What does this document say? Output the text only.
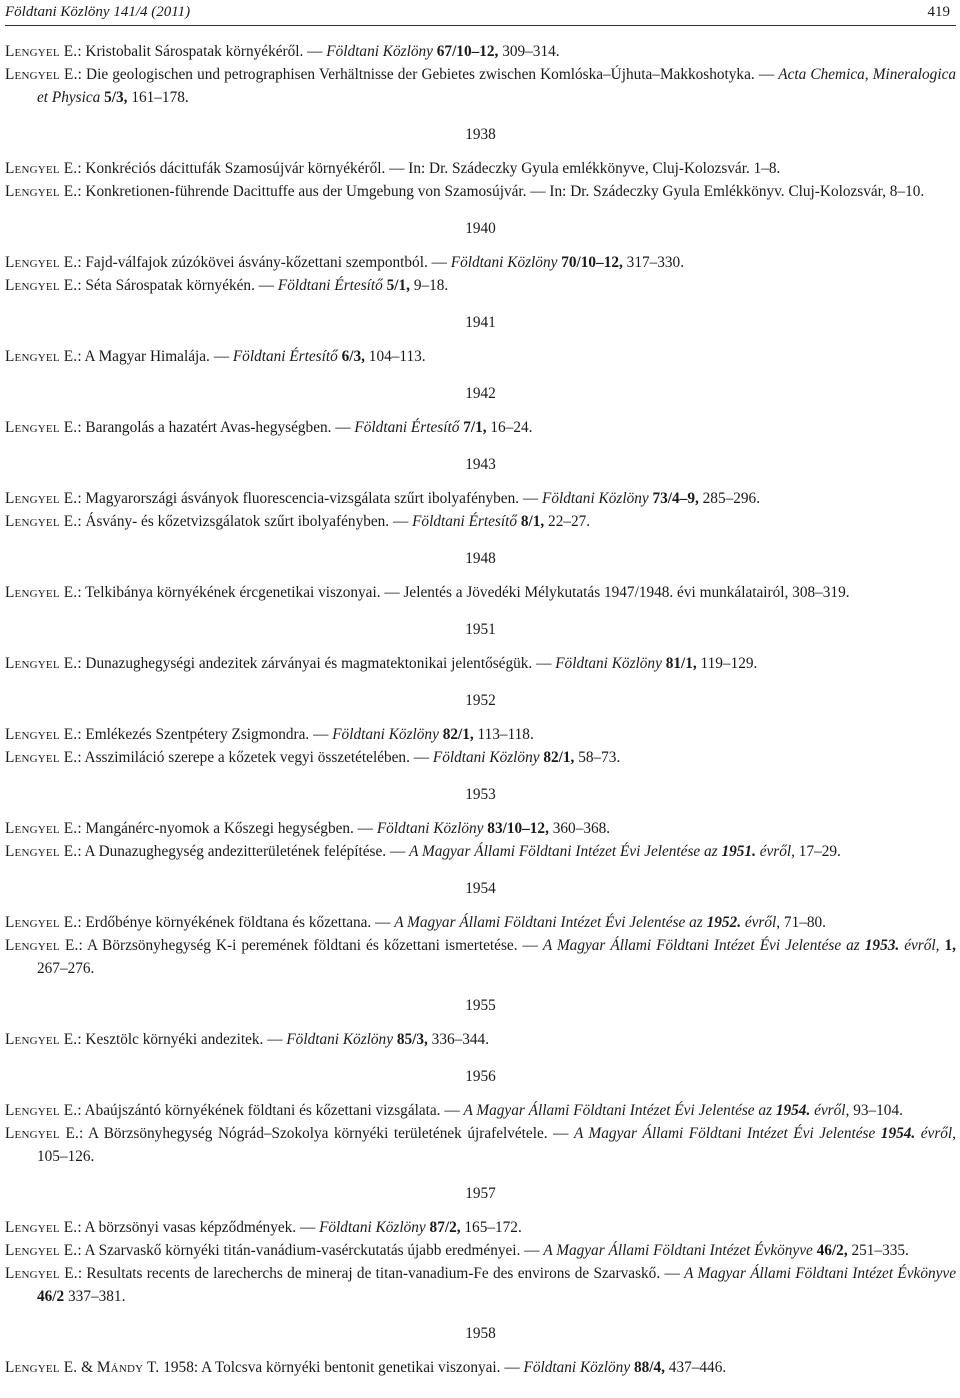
Földtani Közlöny 141/4 (2011)	419

Lengyel E.: Kristobalit Sárospatak környékéről. — Földtani Közlöny 67/10–12, 309–314.

Lengyel E.: Die geologischen und petrographisen Verhältnisse der Gebietes zwischen Komlóska–Újhuta–Makkoshotyka. — Acta Chemica, Mineralogica et Physica 5/3, 161–178.

1938

Lengyel E.: Konkréciós dácittufák Szamosújvár környékéről. — In: Dr. Szádeczky Gyula emlékkönyve, Cluj-Kolozsvár. 1–8.

Lengyel E.: Konkretionen-führende Dacittuffe aus der Umgebung von Szamosújvár. — In: Dr. Szádeczky Gyula Emlékkönyv. Cluj-Kolozsvár, 8–10.

1940

Lengyel E.: Fajd-válfajok zúzókövei ásvány-kőzettani szempontból. — Földtani Közlöny 70/10–12, 317–330.

Lengyel E.: Séta Sárospatak környékén. — Földtani Értesítő 5/1, 9–18.

1941

Lengyel E.: A Magyar Himalája. — Földtani Értesítő 6/3, 104–113.

1942

Lengyel E.: Barangolás a hazatért Avas-hegységben. — Földtani Értesítő 7/1, 16–24.

1943

Lengyel E.: Magyarországi ásványok fluorescencia-vizsgálata szűrt ibolyafényben. — Földtani Közlöny 73/4–9, 285–296.

Lengyel E.: Ásvány- és kőzetvizsgálatok szűrt ibolyafényben. — Földtani Értesítő 8/1, 22–27.

1948

Lengyel E.: Telkibánya környékének ércgenetikai viszonyai. — Jelentés a Jövedéki Mélykutatás 1947/1948. évi munkálatairól, 308–319.

1951

Lengyel E.: Dunazughegységi andezitek zárványai és magmatektonikai jelentőségük. — Földtani Közlöny 81/1, 119–129.

1952

Lengyel E.: Emlékezés Szentpétery Zsigmondra. — Földtani Közlöny 82/1, 113–118.

Lengyel E.: Asszimiláció szerepe a kőzetek vegyi összetételében. — Földtani Közlöny 82/1, 58–73.

1953

Lengyel E.: Mangánérc-nyomok a Kőszegi hegységben. — Földtani Közlöny 83/10–12, 360–368.

Lengyel E.: A Dunazughegység andezitterületének felépítése. — A Magyar Állami Földtani Intézet Évi Jelentése az 1951. évről, 17–29.

1954

Lengyel E.: Erdőbénye környékének földtana és kőzettana. — A Magyar Állami Földtani Intézet Évi Jelentése az 1952. évről, 71–80.

Lengyel E.: A Börzsönyhegység K-i peremének földtani és kőzettani ismertetése. — A Magyar Állami Földtani Intézet Évi Jelentése az 1953. évről, 1, 267–276.

1955

Lengyel E.: Kesztölc környéki andezitek. — Földtani Közlöny 85/3, 336–344.

1956

Lengyel E.: Abaújszántó környékének földtani és kőzettani vizsgálata. — A Magyar Állami Földtani Intézet Évi Jelentése az 1954. évről, 93–104.

Lengyel E.: A Börzsönyhegység Nógrád–Szokolya környéki területének újrafelvétele. — A Magyar Állami Földtani Intézet Évi Jelentése 1954. évről, 105–126.

1957

Lengyel E.: A börzsönyi vasas képződmények. — Földtani Közlöny 87/2, 165–172.

Lengyel E.: A Szarvaskő környéki titán-vanádium-vasérckutatás újabb eredményei. — A Magyar Állami Földtani Intézet Évkönyve 46/2, 251–335.

Lengyel E.: Resultats recents de larecherchs de mineraj de titan-vanadium-Fe des environs de Szarvaskő. — A Magyar Állami Földtani Intézet Évkönyve 46/2 337–381.

1958

Lengyel E. & Mándy T. 1958: A Tolcsva környéki bentonit genetikai viszonyai. — Földtani Közlöny 88/4, 437–446.
